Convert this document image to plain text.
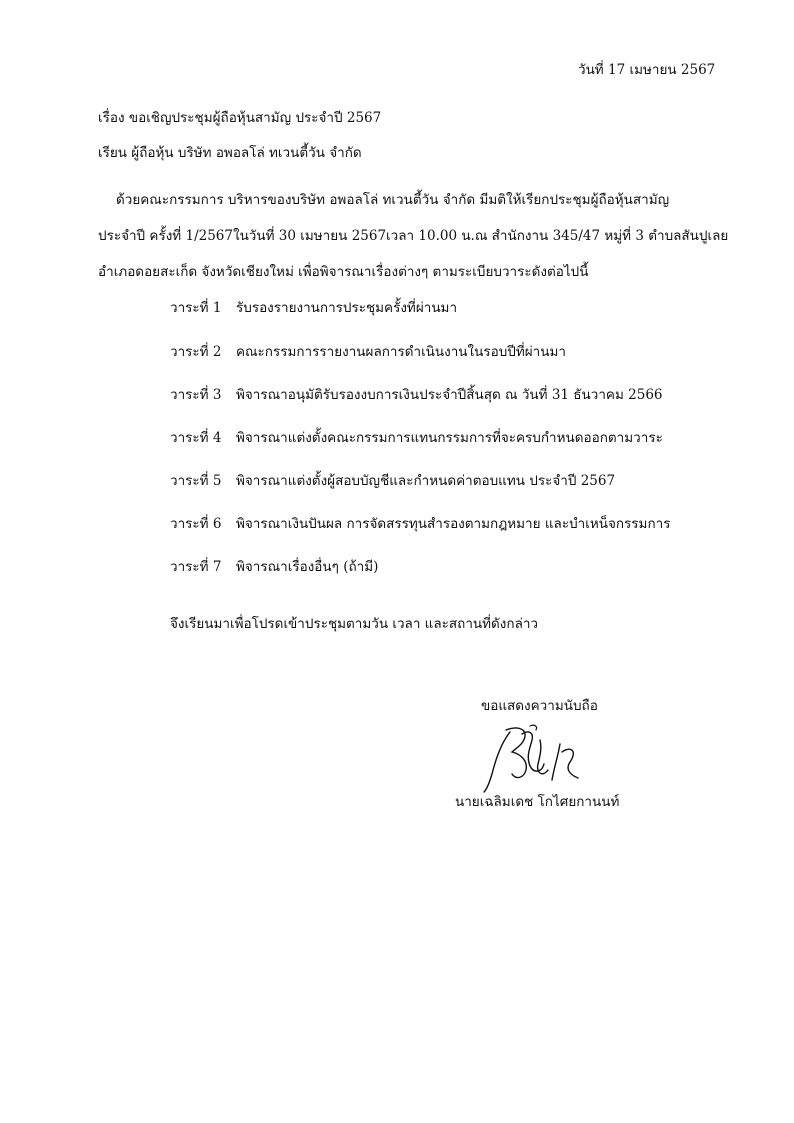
วันที่ 17 เมษายน 2567
เรื่อง ขอเชิญประชุมผู้ถือหุ้นสามัญ ประจำปี 2567
เรียน ผู้ถือหุ้น บริษัท อพอลโล่ ทเวนตี้วัน จำกัด
ด้วยคณะกรรมการ บริหารของบริษัท อพอลโล่ ทเวนตี้วัน จำกัด มีมติให้เรียกประชุมผู้ถือหุ้นสามัญ
ประจำปี ครั้งที่ 1/2567ในวันที่ 30 เมษายน 2567เวลา 10.00 น.ณ สำนักงาน 345/47 หมู่ที่ 3 ตำบลสันปูเลย
อำเภอดอยสะเก็ด จังหวัดเชียงใหม่ เพื่อพิจารณาเรื่องต่างๆ ตามระเบียบวาระดังต่อไปนี้
วาระที่ 1 รับรองรายงานการประชุมครั้งที่ผ่านมา
วาระที่ 2 คณะกรรมการรายงานผลการดำเนินงานในรอบปีที่ผ่านมา
วาระที่ 3 พิจารณาอนุมัติรับรองงบการเงินประจำปีสิ้นสุด ณ วันที่ 31 ธันวาคม 2566
วาระที่ 4 พิจารณาแต่งตั้งคณะกรรมการแทนกรรมการที่จะครบกำหนดออกตามวาระ
วาระที่ 5 พิจารณาแต่งตั้งผู้สอบบัญชีและกำหนดค่าตอบแทน ประจำปี 2567
วาระที่ 6 พิจารณาเงินปันผล การจัดสรรทุนสำรองตามกฎหมาย และบำเหน็จกรรมการ
วาระที่ 7 พิจารณาเรื่องอื่นๆ (ถ้ามี)
จึงเรียนมาเพื่อโปรดเข้าประชุมตามวัน เวลา และสถานที่ดังกล่าว
ขอแสดงความนับถือ
นายเฉลิมเดช โกไศยกานนท์
